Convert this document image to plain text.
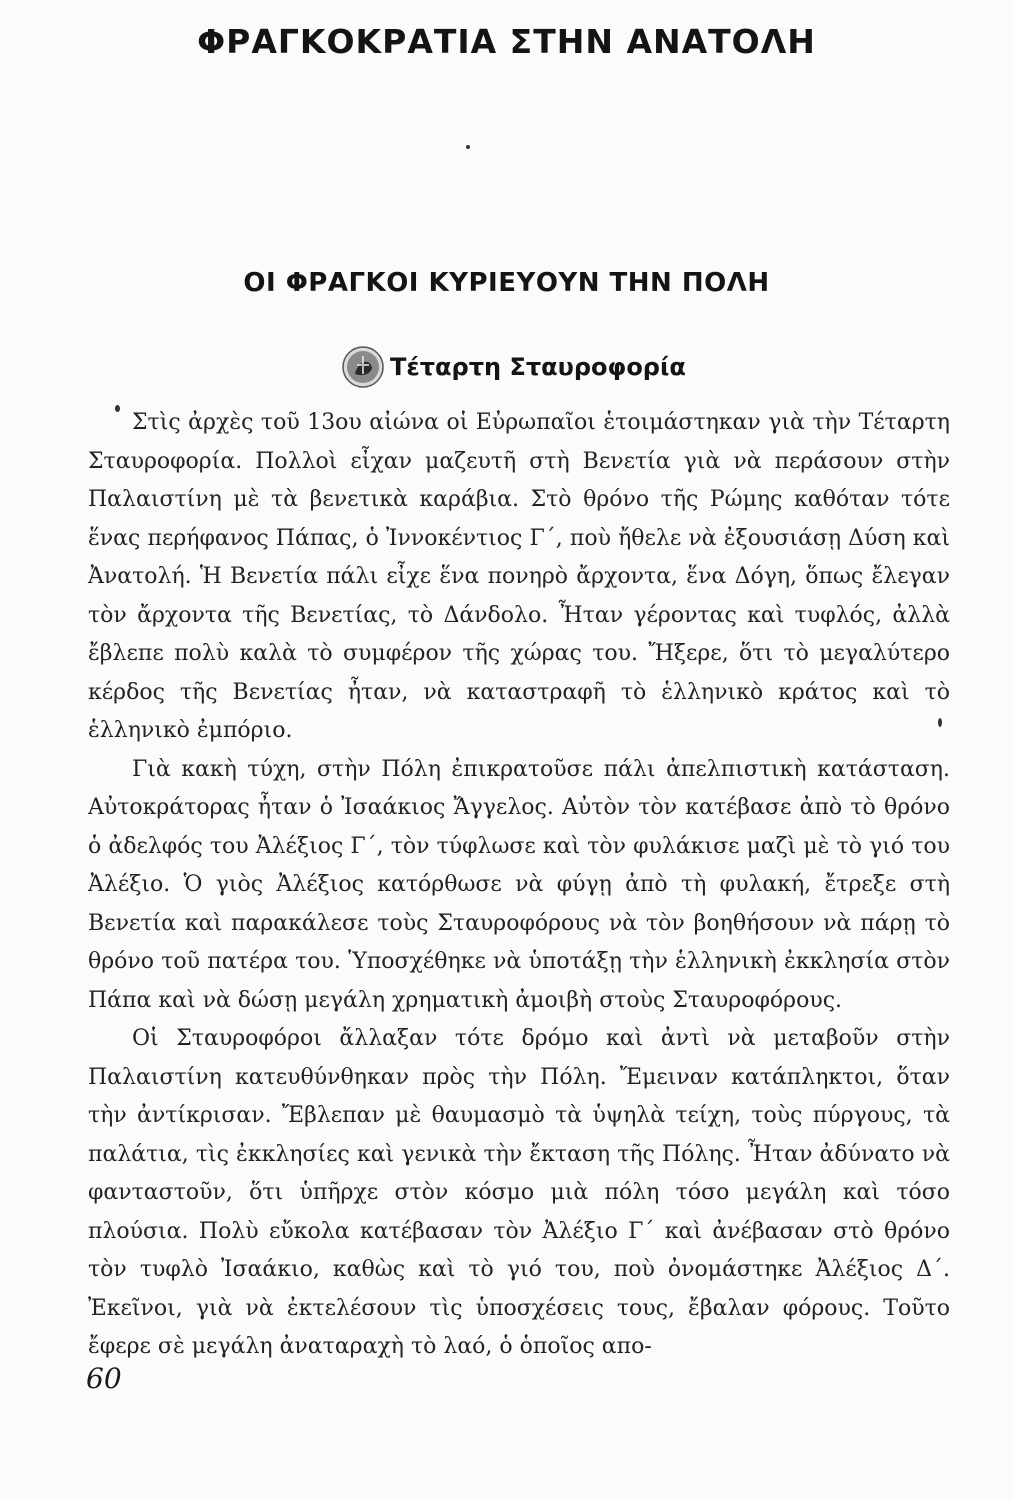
ΦΡΑΓΚΟΚΡΑΤΙΑ ΣΤΗΝ ΑΝΑΤΟΛΗ
ΟΙ ΦΡΑΓΚΟΙ ΚΥΡΙΕΥΟΥΝ ΤΗΝ ΠΟΛΗ
Τέταρτη Σταυροφορία

Στὶς ἀρχὲς τοῦ 13ου αἰώνα οἱ Εὐρωπαῖοι ἑτοιμάστηκαν γιὰ τὴν Τέταρτη Σταυροφορία. Πολλοὶ εἶχαν μαζευτῆ στὴ Βενετία γιὰ νὰ περάσουν στὴν Παλαιστίνη μὲ τὰ βενετικὰ καράβια. Στὸ θρόνο τῆς Ρώμης καθόταν τότε ἕνας περήφανος Πάπας, ὁ Ἰννοκέντιος Γ΄, ποὺ ἤθελε νὰ ἐξουσιάσῃ Δύση καὶ Ἀνατολή. Ἡ Βενετία πάλι εἶχε ἕνα πονηρὸ ἄρχοντα, ἕνα Δόγη, ὅπως ἔλεγαν τὸν ἄρχοντα τῆς Βενετίας, τὸ Δάνδολο. Ἦταν γέροντας καὶ τυφλός, ἀλλὰ ἔβλεπε πολὺ καλὰ τὸ συμφέρον τῆς χώρας του. Ἤξερε, ὅτι τὸ μεγαλύτερο κέρδος τῆς Βενετίας ἦταν, νὰ καταστραφῆ τὸ ἑλληνικὸ κράτος καὶ τὸ ἑλληνικὸ ἐμπόριο.

Γιὰ κακὴ τύχη, στὴν Πόλη ἐπικρατοῦσε πάλι ἀπελπιστικὴ κατάσταση. Αὐτοκράτορας ἦταν ὁ Ἰσαάκιος Ἄγγελος. Αὐτὸν τὸν κατέβασε ἀπὸ τὸ θρόνο ὁ ἀδελφός του Ἀλέξιος Γ΄, τὸν τύφλωσε καὶ τὸν φυλάκισε μαζὶ μὲ τὸ γιό του Ἀλέξιο. Ὁ γιὸς Ἀλέξιος κατόρθωσε νὰ φύγῃ ἀπὸ τὴ φυλακή, ἔτρεξε στὴ Βενετία καὶ παρακάλεσε τοὺς Σταυροφόρους νὰ τὸν βοηθήσουν νὰ πάρῃ τὸ θρόνο τοῦ πατέρα του. Ὑποσχέθηκε νὰ ὑποτάξῃ τὴν ἑλληνικὴ ἐκκλησία στὸν Πάπα καὶ νὰ δώσῃ μεγάλη χρηματικὴ ἀμοιβὴ στοὺς Σταυροφόρους.

Οἱ Σταυροφόροι ἄλλαξαν τότε δρόμο καὶ ἀντὶ νὰ μεταβοῦν στὴν Παλαιστίνη κατευθύνθηκαν πρὸς τὴν Πόλη. Ἔμειναν κατάπληκτοι, ὅταν τὴν ἀντίκρισαν. Ἔβλεπαν μὲ θαυμασμὸ τὰ ὑψηλὰ τείχη, τοὺς πύργους, τὰ παλάτια, τὶς ἐκκλησίες καὶ γενικὰ τὴν ἔκταση τῆς Πόλης. Ἦταν ἀδύνατο νὰ φανταστοῦν, ὅτι ὑπῆρχε στὸν κόσμο μιὰ πόλη τόσο μεγάλη καὶ τόσο πλούσια. Πολὺ εὔκολα κατέβασαν τὸν Ἀλέξιο Γ΄ καὶ ἀνέβασαν στὸ θρόνο τὸν τυφλὸ Ἰσαάκιο, καθὼς καὶ τὸ γιό του, ποὺ ὀνομάστηκε Ἀλέξιος Δ΄. Ἐκεῖνοι, γιὰ νὰ ἐκτελέσουν τὶς ὑποσχέσεις τους, ἔβαλαν φόρους. Τοῦτο ἔφερε σὲ μεγάλη ἀναταραχὴ τὸ λαό, ὁ ὁποῖος απο-

60
